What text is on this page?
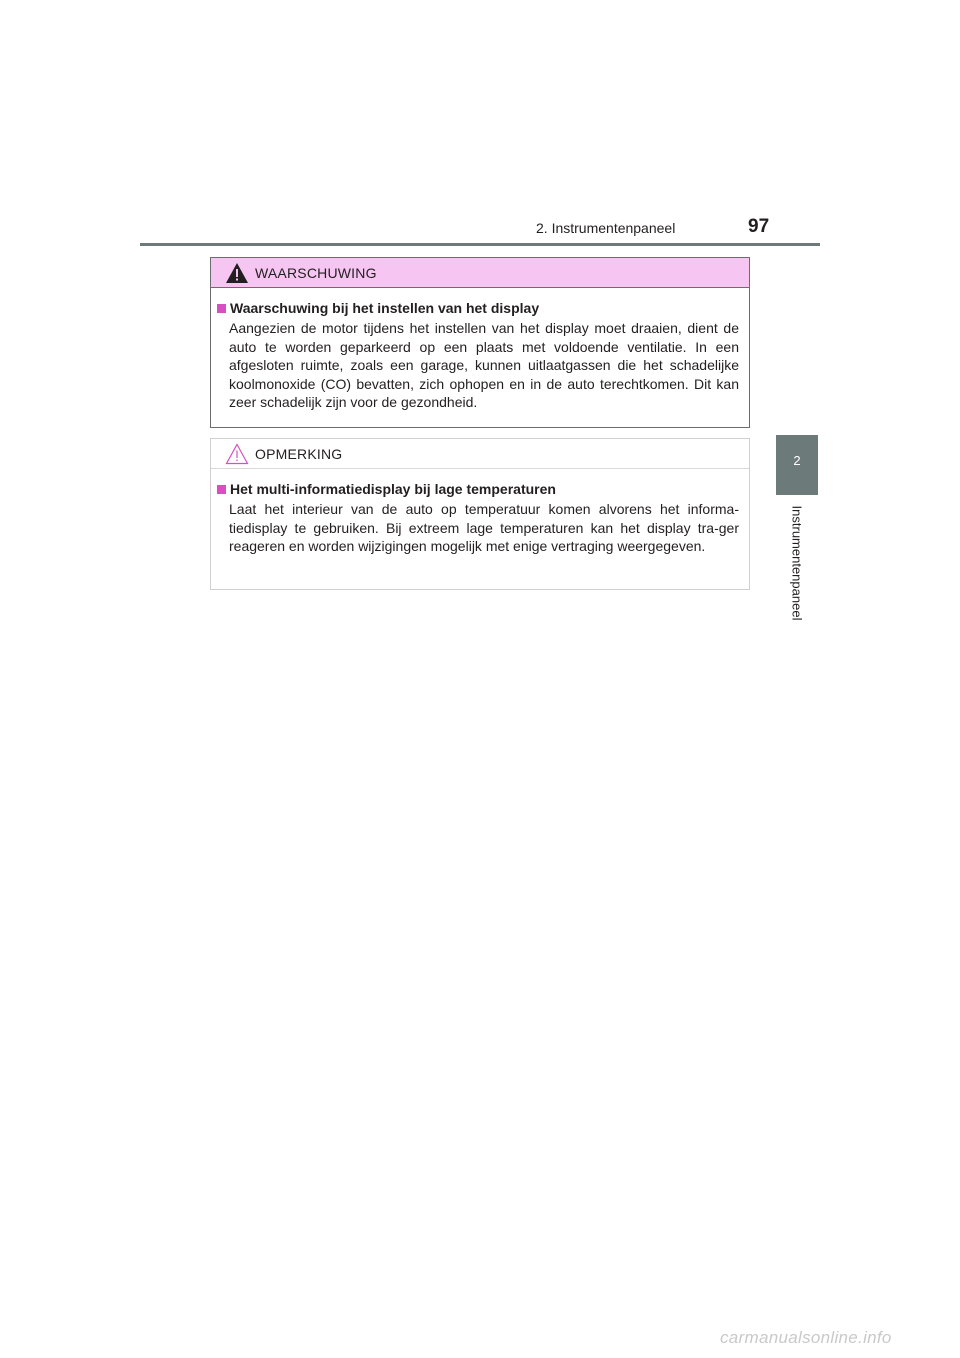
2. Instrumentenpaneel	97
2
Instrumentenpaneel
WAARSCHUWING
Waarschuwing bij het instellen van het display
Aangezien de motor tijdens het instellen van het display moet draaien, dient de auto te worden geparkeerd op een plaats met voldoende ventilatie. In een afgesloten ruimte, zoals een garage, kunnen uitlaatgassen die het schadelijke koolmonoxide (CO) bevatten, zich ophopen en in de auto terechtkomen. Dit kan zeer schadelijk zijn voor de gezondheid.
OPMERKING
Het multi-informatiedisplay bij lage temperaturen
Laat het interieur van de auto op temperatuur komen alvorens het informa-tiedisplay te gebruiken. Bij extreem lage temperaturen kan het display tra-ger reageren en worden wijzigingen mogelijk met enige vertraging weergegeven.
carmanualsonline.info
